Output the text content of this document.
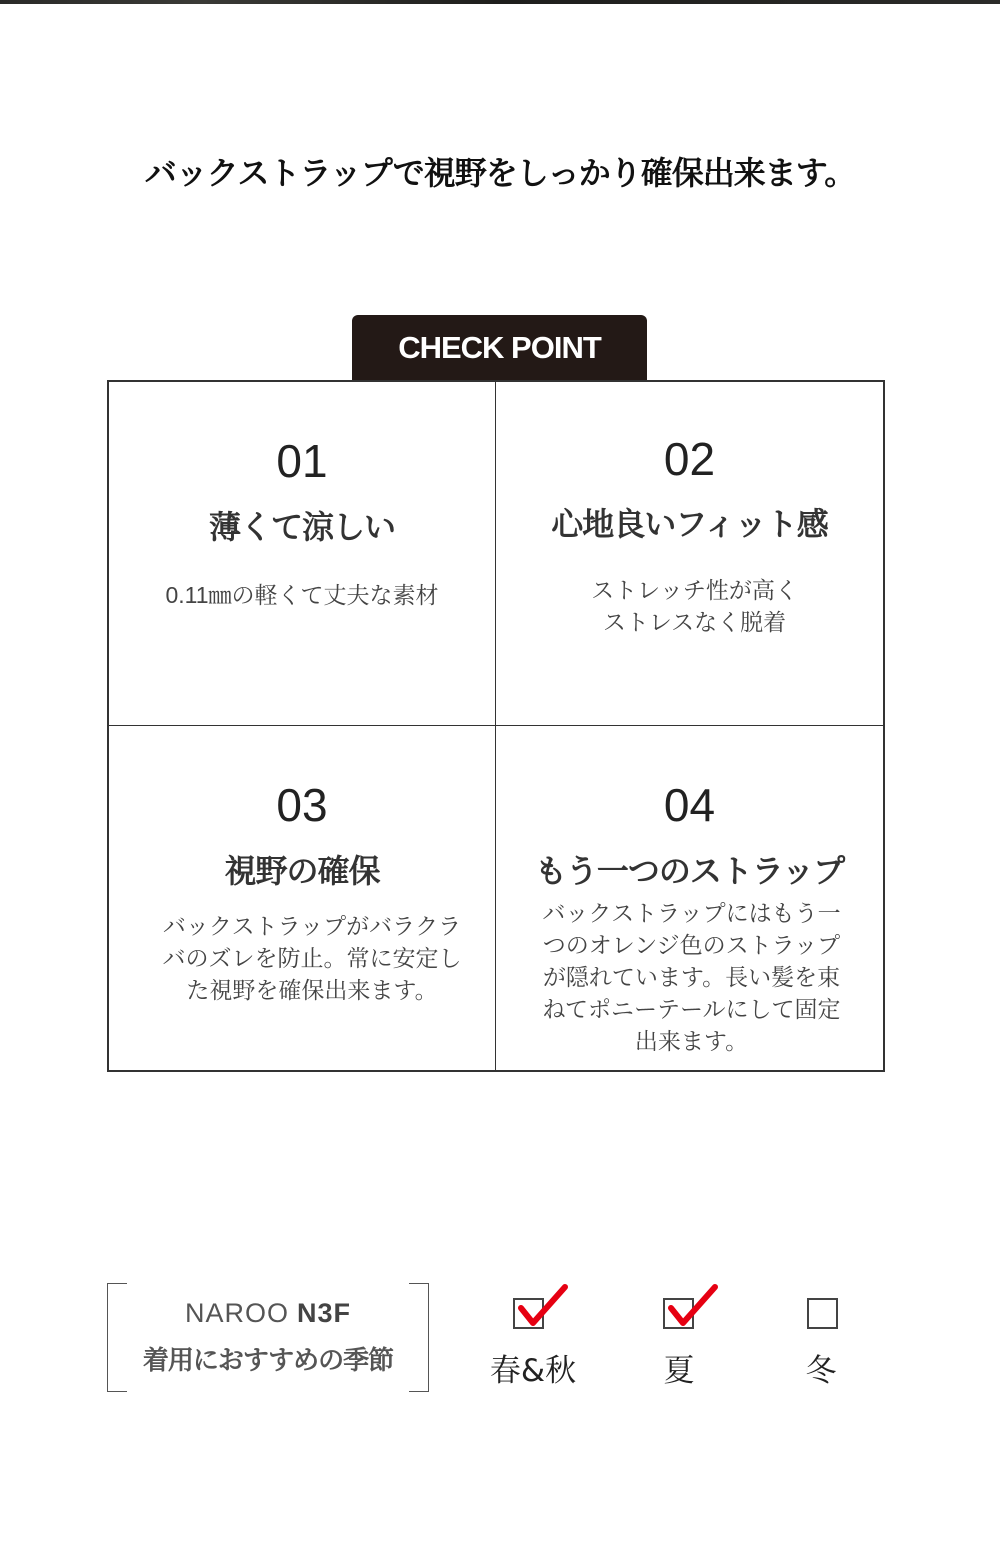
バックストラップで視野をしっかり確保出来ます。
CHECK POINT
01
薄くて涼しい
0.11㎜の軽くて丈夫な素材
02
心地良いフィット感
ストレッチ性が高く
ストレスなく脱着
03
視野の確保
バックストラップがバラクラバのズレを防止。常に安定した視野を確保出来ます。
04
もう一つのストラップ
バックストラップにはもう一つのオレンジ色のストラップが隠れています。長い髪を束ねてポニーテールにして固定出来ます。
NAROO N3F
着用におすすめの季節	春&秋	夏	冬
